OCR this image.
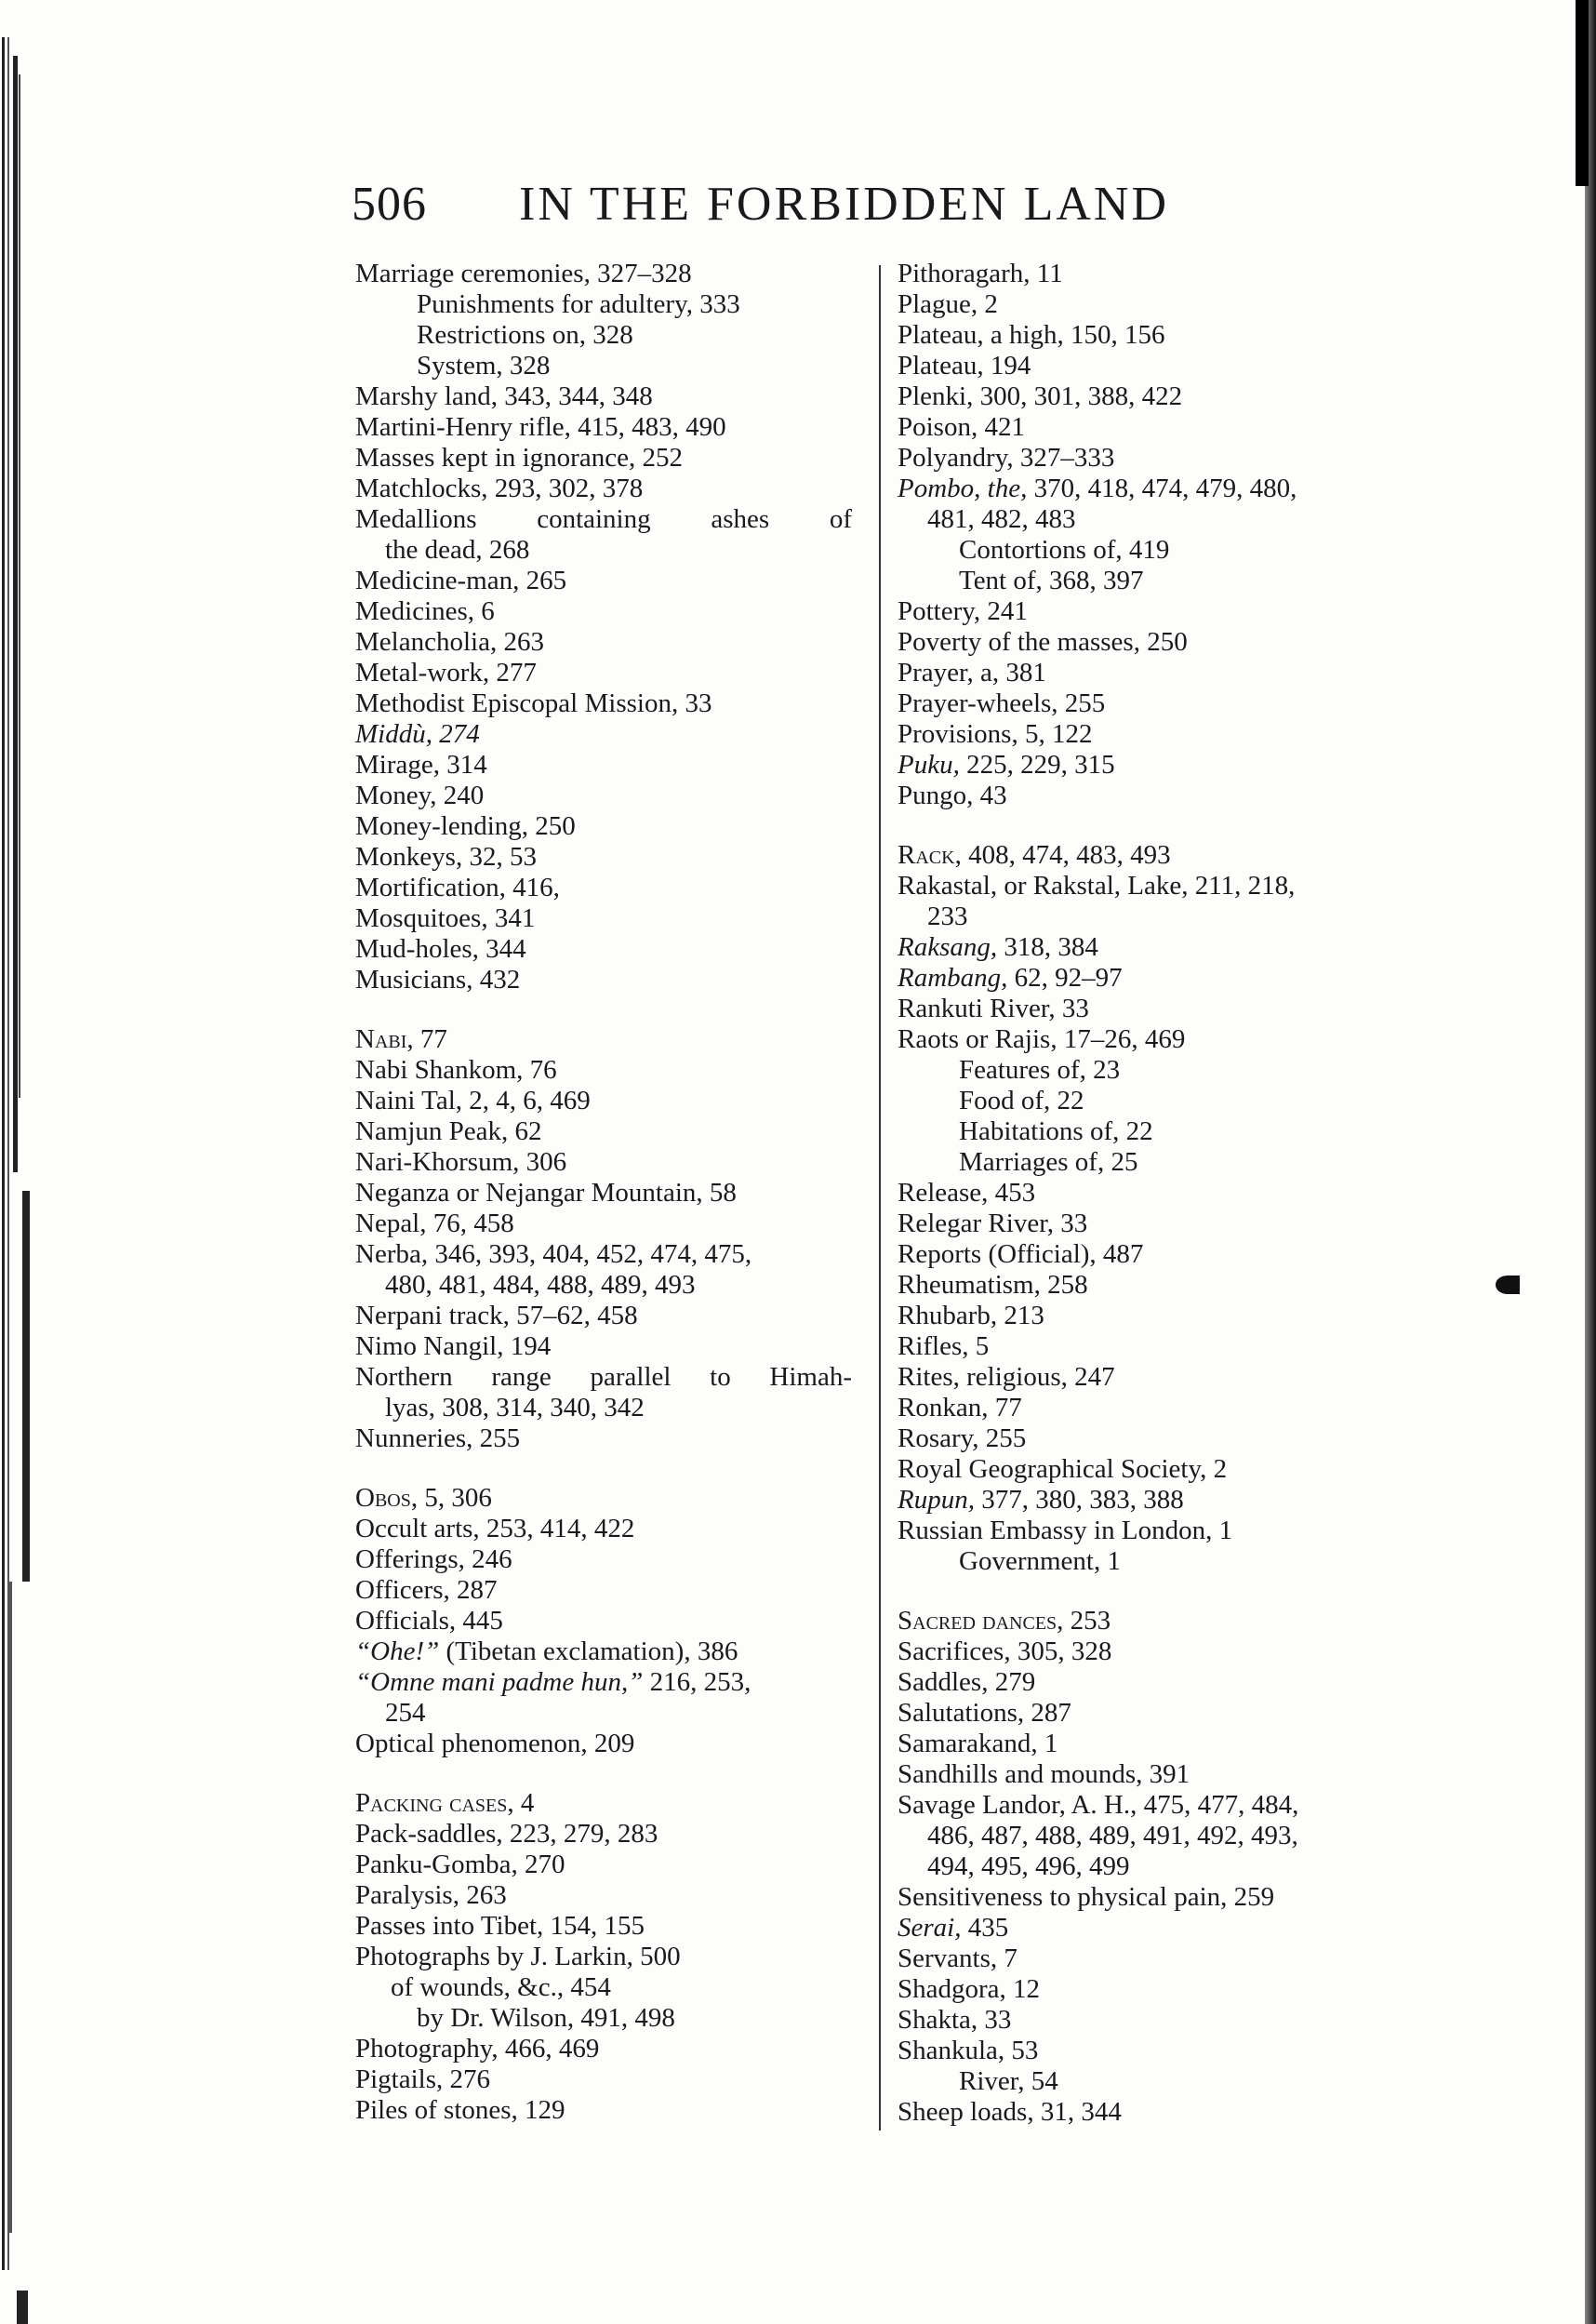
506 IN THE FORBIDDEN LAND
Marriage ceremonies, 327–328
Punishments for adultery, 333
Restrictions on, 328
System, 328
Marshy land, 343, 344, 348
Martini-Henry rifle, 415, 483, 490
Masses kept in ignorance, 252
Matchlocks, 293, 302, 378
Medallions containing ashes of
the dead, 268
Medicine-man, 265
Medicines, 6
Melancholia, 263
Metal-work, 277
Methodist Episcopal Mission, 33
Middù, 274
Mirage, 314
Money, 240
Money-lending, 250
Monkeys, 32, 53
Mortification, 416,
Mosquitoes, 341
Mud-holes, 344
Musicians, 432
Nabi, 77
Nabi Shankom, 76
Naini Tal, 2, 4, 6, 469
Namjun Peak, 62
Nari-Khorsum, 306
Neganza or Nejangar Mountain, 58
Nepal, 76, 458
Nerba, 346, 393, 404, 452, 474, 475,
480, 481, 484, 488, 489, 493
Nerpani track, 57–62, 458
Nimo Nangil, 194
Northern range parallel to Himah-
lyas, 308, 314, 340, 342
Nunneries, 255
Obos, 5, 306
Occult arts, 253, 414, 422
Offerings, 246
Officers, 287
Officials, 445
“Ohe!” (Tibetan exclamation), 386
“Omne mani padme hun,” 216, 253,
254
Optical phenomenon, 209
Packing cases, 4
Pack-saddles, 223, 279, 283
Panku-Gomba, 270
Paralysis, 263
Passes into Tibet, 154, 155
Photographs by J. Larkin, 500
of wounds, &c., 454
by Dr. Wilson, 491, 498
Photography, 466, 469
Pigtails, 276
Piles of stones, 129
Pithoragarh, 11
Plague, 2
Plateau, a high, 150, 156
Plateau, 194
Plenki, 300, 301, 388, 422
Poison, 421
Polyandry, 327–333
Pombo, the, 370, 418, 474, 479, 480,
481, 482, 483
Contortions of, 419
Tent of, 368, 397
Pottery, 241
Poverty of the masses, 250
Prayer, a, 381
Prayer-wheels, 255
Provisions, 5, 122
Puku, 225, 229, 315
Pungo, 43
Rack, 408, 474, 483, 493
Rakastal, or Rakstal, Lake, 211, 218,
233
Raksang, 318, 384
Rambang, 62, 92–97
Rankuti River, 33
Raots or Rajis, 17–26, 469
Features of, 23
Food of, 22
Habitations of, 22
Marriages of, 25
Release, 453
Relegar River, 33
Reports (Official), 487
Rheumatism, 258
Rhubarb, 213
Rifles, 5
Rites, religious, 247
Ronkan, 77
Rosary, 255
Royal Geographical Society, 2
Rupun, 377, 380, 383, 388
Russian Embassy in London, 1
Government, 1
Sacred dances, 253
Sacrifices, 305, 328
Saddles, 279
Salutations, 287
Samarakand, 1
Sandhills and mounds, 391
Savage Landor, A. H., 475, 477, 484,
486, 487, 488, 489, 491, 492, 493,
494, 495, 496, 499
Sensitiveness to physical pain, 259
Serai, 435
Servants, 7
Shadgora, 12
Shakta, 33
Shankula, 53
River, 54
Sheep loads, 31, 344
